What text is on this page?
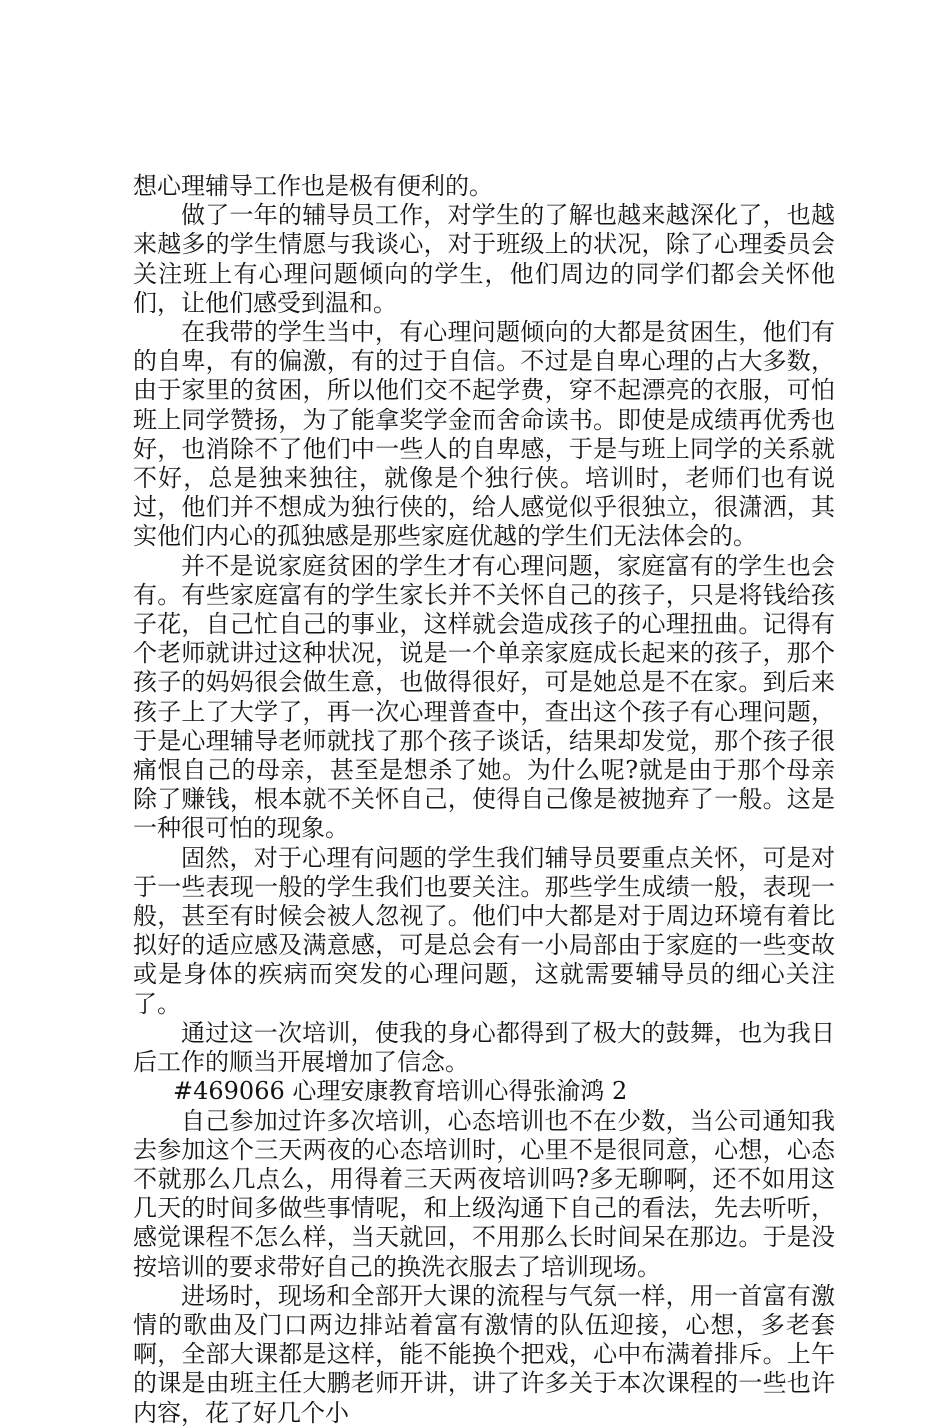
想心理辅导工作也是极有便利的。

做了一年的辅导员工作，对学生的了解也越来越深化了，也越来越多的学生情愿与我谈心，对于班级上的状况，除了心理委员会关注班上有心理问题倾向的学生，他们周边的同学们都会关怀他们，让他们感受到温和。

在我带的学生当中，有心理问题倾向的大都是贫困生，他们有的自卑，有的偏激，有的过于自信。不过是自卑心理的占大多数，由于家里的贫困，所以他们交不起学费，穿不起漂亮的衣服，可怕班上同学赞扬，为了能拿奖学金而舍命读书。即使是成绩再优秀也好，也消除不了他们中一些人的自卑感，于是与班上同学的关系就不好，总是独来独往，就像是个独行侠。培训时，老师们也有说过，他们并不想成为独行侠的，给人感觉似乎很独立，很潇洒，其实他们内心的孤独感是那些家庭优越的学生们无法体会的。

并不是说家庭贫困的学生才有心理问题，家庭富有的学生也会有。有些家庭富有的学生家长并不关怀自己的孩子，只是将钱给孩子花，自己忙自己的事业，这样就会造成孩子的心理扭曲。记得有个老师就讲过这种状况，说是一个单亲家庭成长起来的孩子，那个孩子的妈妈很会做生意，也做得很好，可是她总是不在家。到后来孩子上了大学了，再一次心理普查中，查出这个孩子有心理问题，于是心理辅导老师就找了那个孩子谈话，结果却发觉，那个孩子很痛恨自己的母亲，甚至是想杀了她。为什么呢?就是由于那个母亲除了赚钱，根本就不关怀自己，使得自己像是被抛弃了一般。这是一种很可怕的现象。

固然，对于心理有问题的学生我们辅导员要重点关怀，可是对于一些表现一般的学生我们也要关注。那些学生成绩一般，表现一般，甚至有时候会被人忽视了。他们中大都是对于周边环境有着比拟好的适应感及满意感，可是总会有一小局部由于家庭的一些变故或是身体的疾病而突发的心理问题，这就需要辅导员的细心关注了。

通过这一次培训，使我的身心都得到了极大的鼓舞，也为我日后工作的顺当开展增加了信念。

#469066 心理安康教育培训心得张渝鸿 2

自己参加过许多次培训，心态培训也不在少数，当公司通知我去参加这个三天两夜的心态培训时，心里不是很同意，心想，心态不就那么几点么，用得着三天两夜培训吗?多无聊啊，还不如用这几天的时间多做些事情呢，和上级沟通下自己的看法，先去听听，感觉课程不怎么样，当天就回，不用那么长时间呆在那边。于是没按培训的要求带好自己的换洗衣服去了培训现场。

进场时，现场和全部开大课的流程与气氛一样，用一首富有激情的歌曲及门口两边排站着富有激情的队伍迎接，心想，多老套啊，全部大课都是这样，能不能换个把戏，心中布满着排斥。上午的课是由班主任大鹏老师开讲，讲了许多关于本次课程的一些也许内容，花了好几个小
